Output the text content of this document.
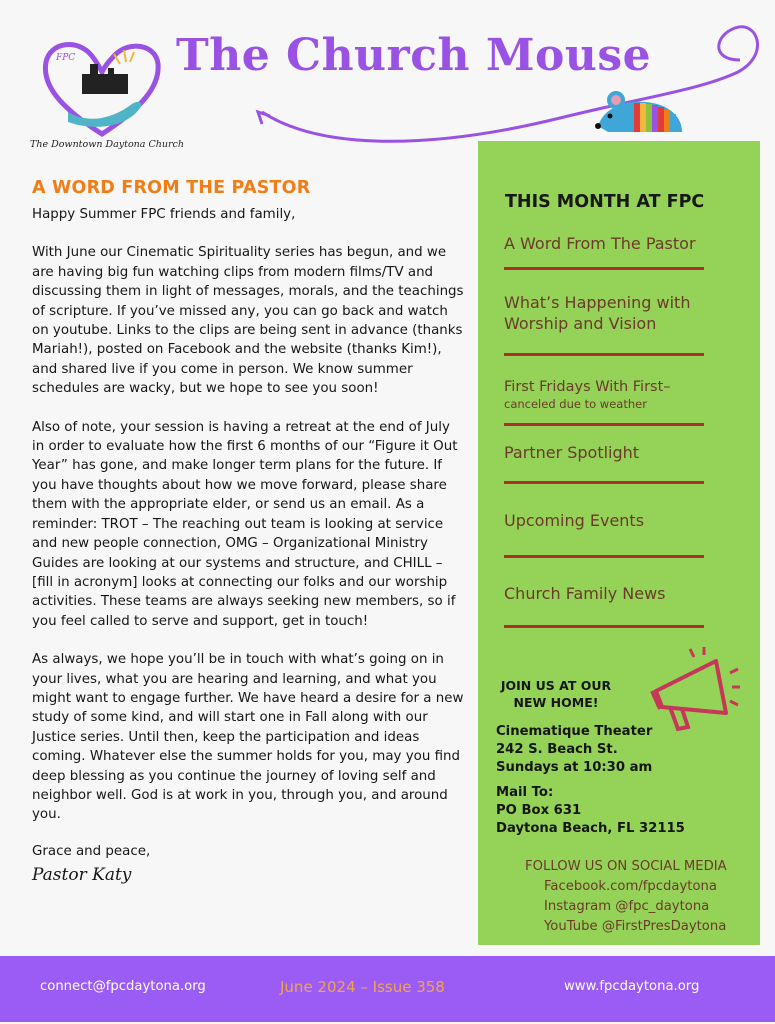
FPC
The Downtown Daytona Church
The Church Mouse
A WORD FROM THE PASTOR

Happy Summer FPC friends and family,

With June our Cinematic Spirituality series has begun, and we are having big fun watching clips from modern films/TV and discussing them in light of messages, morals, and the teachings of scripture. If you’ve missed any, you can go back and watch on youtube. Links to the clips are being sent in advance (thanks Mariah!), posted on Facebook and the website (thanks Kim!), and shared live if you come in person. We know summer schedules are wacky, but we hope to see you soon!

Also of note, your session is having a retreat at the end of July in order to evaluate how the first 6 months of our “Figure it Out Year” has gone, and make longer term plans for the future. If you have thoughts about how we move forward, please share them with the appropriate elder, or send us an email. As a reminder: TROT – The reaching out team is looking at service and new people connection, OMG – Organizational Ministry Guides are looking at our systems and structure, and CHILL – [fill in acronym] looks at connecting our folks and our worship activities. These teams are always seeking new members, so if you feel called to serve and support, get in touch!

As always, we hope you’ll be in touch with what’s going on in your lives, what you are hearing and learning, and what you might want to engage further. We have heard a desire for a new study of some kind, and will start one in Fall along with our Justice series. Until then, keep the participation and ideas coming. Whatever else the summer holds for you, may you find deep blessing as you continue the journey of loving self and neighbor well. God is at work in you, through you, and around you.

Grace and peace,

Pastor Katy
THIS MONTH AT FPC
A Word From The Pastor
What’s Happening with Worship and Vision
First Fridays With First–
canceled due to weather
Partner Spotlight
Upcoming Events
Church Family News
JOIN US AT OUR
NEW HOME!
Cinematique Theater
242 S. Beach St.
Sundays at 10:30 am
Mail To:
PO Box 631
Daytona Beach, FL 32115
FOLLOW US ON SOCIAL MEDIA
Facebook.com/fpcdaytona
Instagram @fpc_daytona
YouTube @FirstPresDaytona
connect@fpcdaytona.org	June 2024 – Issue 358	www.fpcdaytona.org
